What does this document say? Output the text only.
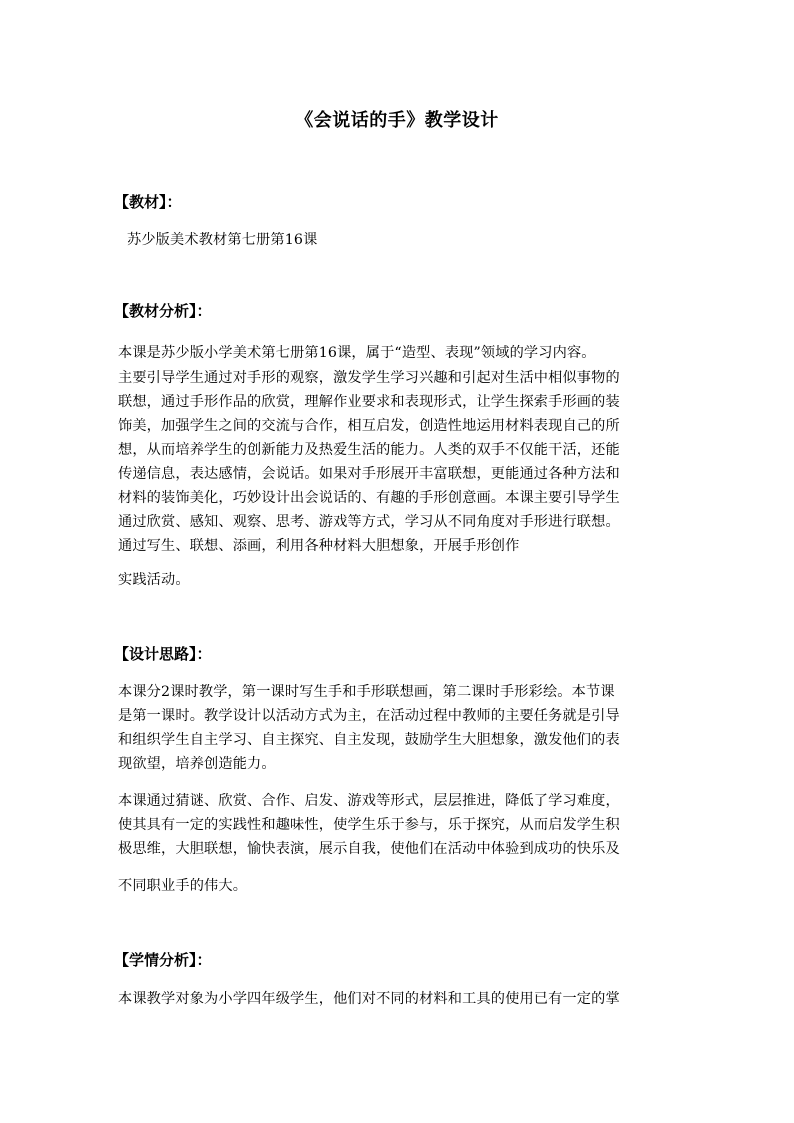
《会说话的手》教学设计
【教材】：
苏少版美术教材第七册第16课
【教材分析】：
本课是苏少版小学美术第七册第16课，属于“造型、表现”领域的学习内容。
主要引导学生通过对手形的观察，激发学生学习兴趣和引起对生活中相似事物的
联想，通过手形作品的欣赏，理解作业要求和表现形式，让学生探索手形画的装
饰美，加强学生之间的交流与合作，相互启发，创造性地运用材料表现自己的所
想，从而培养学生的创新能力及热爱生活的能力。人类的双手不仅能干活，还能
传递信息，表达感情，会说话。如果对手形展开丰富联想，更能通过各种方法和
材料的装饰美化，巧妙设计出会说话的、有趣的手形创意画。本课主要引导学生
通过欣赏、感知、观察、思考、游戏等方式，学习从不同角度对手形进行联想。
通过写生、联想、添画，利用各种材料大胆想象，开展手形创作
实践活动。
【设计思路】：
本课分2课时教学，第一课时写生手和手形联想画，第二课时手形彩绘。本节课
是第一课时。教学设计以活动方式为主，在活动过程中教师的主要任务就是引导
和组织学生自主学习、自主探究、自主发现，鼓励学生大胆想象，激发他们的表
现欲望，培养创造能力。
本课通过猜谜、欣赏、合作、启发、游戏等形式，层层推进，降低了学习难度，
使其具有一定的实践性和趣味性，使学生乐于参与，乐于探究，从而启发学生积
极思维，大胆联想，愉快表演，展示自我，使他们在活动中体验到成功的快乐及
不同职业手的伟大。
【学情分析】：
本课教学对象为小学四年级学生，他们对不同的材料和工具的使用已有一定的掌
